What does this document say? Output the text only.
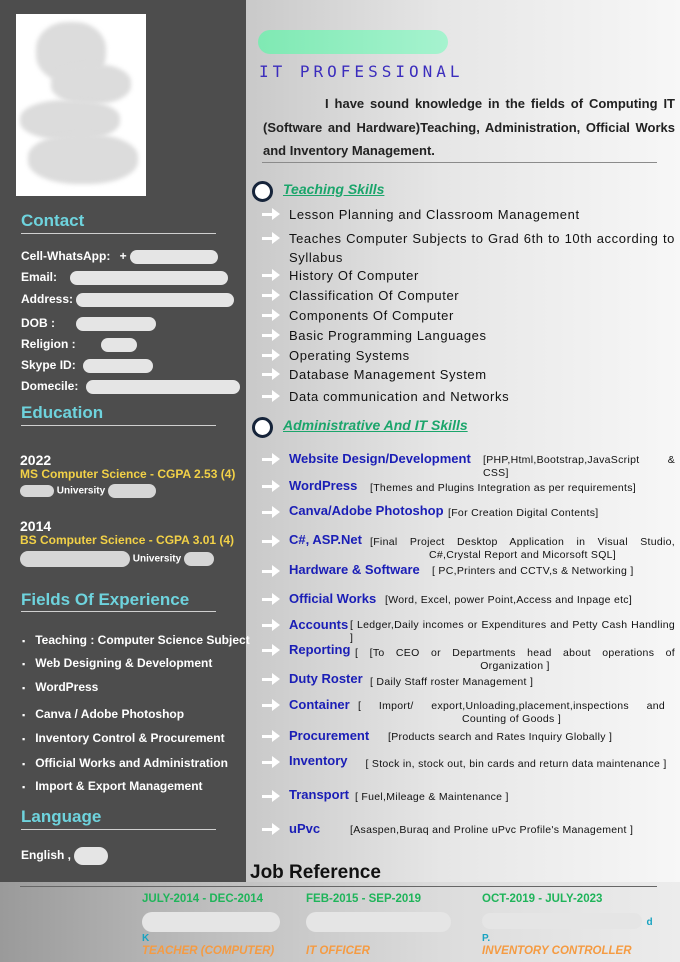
Contact
Cell-WhatsApp: +
Email:
Address:
DOB :
Religion :
Skype ID:
Domecile:
Education
2022
MS Computer Science - CGPA 2.53 (4)
University
2014
BS Computer Science - CGPA 3.01 (4)
University
Fields Of Experience
▪ Teaching : Computer Science Subject
▪ Web Designing & Development
▪ WordPress
▪ Canva / Adobe Photoshop
▪ Inventory Control & Procurement
▪ Official Works and Administration
▪ Import & Export Management
Language
English ,
IT PROFESSIONAL

I have sound knowledge in the fields of Computing IT (Software and Hardware)Teaching, Administration, Official Works and Inventory Management.

Teaching Skills
Lesson Planning and Classroom Management
Teaches Computer Subjects to Grad 6th to 10th according to Syllabus
History Of Computer
Classification Of Computer
Components Of Computer
Basic Programming Languages
Operating Systems
Database Management System
Data communication and Networks
Administrative And IT Skills
Website Design/Development [PHP,Html,Bootstrap,JavaScript & CSS]
WordPress [Themes and Plugins Integration as per requirements]
Canva/Adobe Photoshop [For Creation Digital Contents]
C#, ASP.Net [Final Project Desktop Application in Visual Studio, C#,Crystal Report and Micorsoft SQL]
Hardware & Software [ PC,Printers and CCTV,s & Networking ]
Official Works [Word, Excel, power Point,Access and Inpage etc]
Accounts [ Ledger,Daily incomes or Expenditures and Petty Cash Handling ]
Reporting [ [To CEO or Departments head about operations of Organization ]
Duty Roster [ Daily Staff roster Management ]
Container [ Import/ export,Unloading,placement,inspections and Counting of Goods ]
Procurement [Products search and Rates Inquiry Globally ]
Inventory	[ Stock in, stock out, bin cards and return data maintenance ]
Transport [ Fuel,Mileage & Maintenance ]
uPvc	[Asaspen,Buraq and Proline uPvc Profile's Management ]
Job Reference
JULY-2014 - DEC-2014
K
TEACHER (COMPUTER)
FEB-2015 - SEP-2019
IT OFFICER
OCT-2019 - JULY-2023
d
P.
INVENTORY CONTROLLER
